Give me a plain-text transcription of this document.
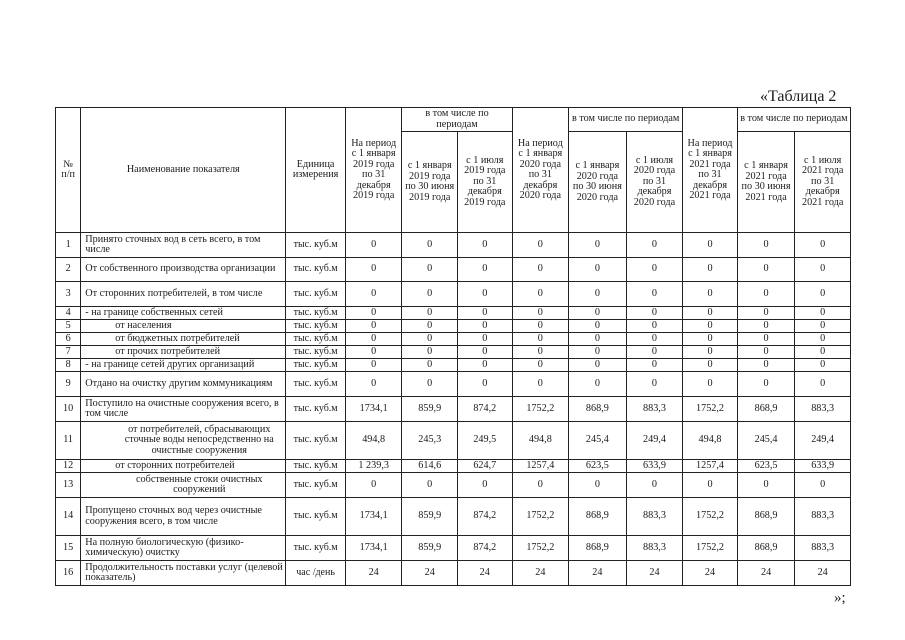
«Таблица 2
№ п/п	Наименование показателя	Единица измерения	На период с 1 января 2019 года по 31 декабря 2019 года	в том числе по периодам		На период с 1 января 2020 года по 31 декабря 2020 года	в том числе по периодам		На период с 1 января 2021 года по 31 декабря 2021 года	в том числе по периодам	
				с 1 января 2019 года по 30 июня 2019 года	с 1 июля 2019 года по 31 декабря 2019 года		с 1 января 2020 года по 30 июня 2020 года	с 1 июля 2020 года по 31 декабря 2020 года		с 1 января 2021 года по 30 июня 2021 года	с 1 июля 2021 года по 31 декабря 2021 года
1	Принято сточных вод в сеть всего, в том числе	тыс. куб.м	0	0	0	0	0	0	0	0	0
2	От собственного производства организации	тыс. куб.м	0	0	0	0	0	0	0	0	0
3	От сторонних потребителей, в том числе	тыс. куб.м	0	0	0	0	0	0	0	0	0
4	- на границе собственных сетей	тыс. куб.м	0	0	0	0	0	0	0	0	0
5	от населения	тыс. куб.м	0	0	0	0	0	0	0	0	0
6	от бюджетных потребителей	тыс. куб.м	0	0	0	0	0	0	0	0	0
7	от прочих потребителей	тыс. куб.м	0	0	0	0	0	0	0	0	0
8	- на границе сетей других организаций	тыс. куб.м	0	0	0	0	0	0	0	0	0
9	Отдано на очистку другим коммуникациям	тыс. куб.м	0	0	0	0	0	0	0	0	0
10	Поступило на очистные сооружения всего, в том числе	тыс. куб.м	1734,1	859,9	874,2	1752,2	868,9	883,3	1752,2	868,9	883,3
11	от потребителей, сбрасывающих сточные воды непосредственно на очистные сооружения	тыс. куб.м	494,8	245,3	249,5	494,8	245,4	249,4	494,8	245,4	249,4
12	от сторонних потребителей	тыс. куб.м	1 239,3	614,6	624,7	1257,4	623,5	633,9	1257,4	623,5	633,9
13	собственные стоки очистных сооружений	тыс. куб.м	0	0	0	0	0	0	0	0	0
14	Пропущено сточных вод через очистные сооружения всего, в том числе	тыс. куб.м	1734,1	859,9	874,2	1752,2	868,9	883,3	1752,2	868,9	883,3
15	На полную биологическую (физико-химическую) очистку	тыс. куб.м	1734,1	859,9	874,2	1752,2	868,9	883,3	1752,2	868,9	883,3
16	Продолжительность поставки услуг (целевой показатель)	час /день	24	24	24	24	24	24	24	24	24
»;
